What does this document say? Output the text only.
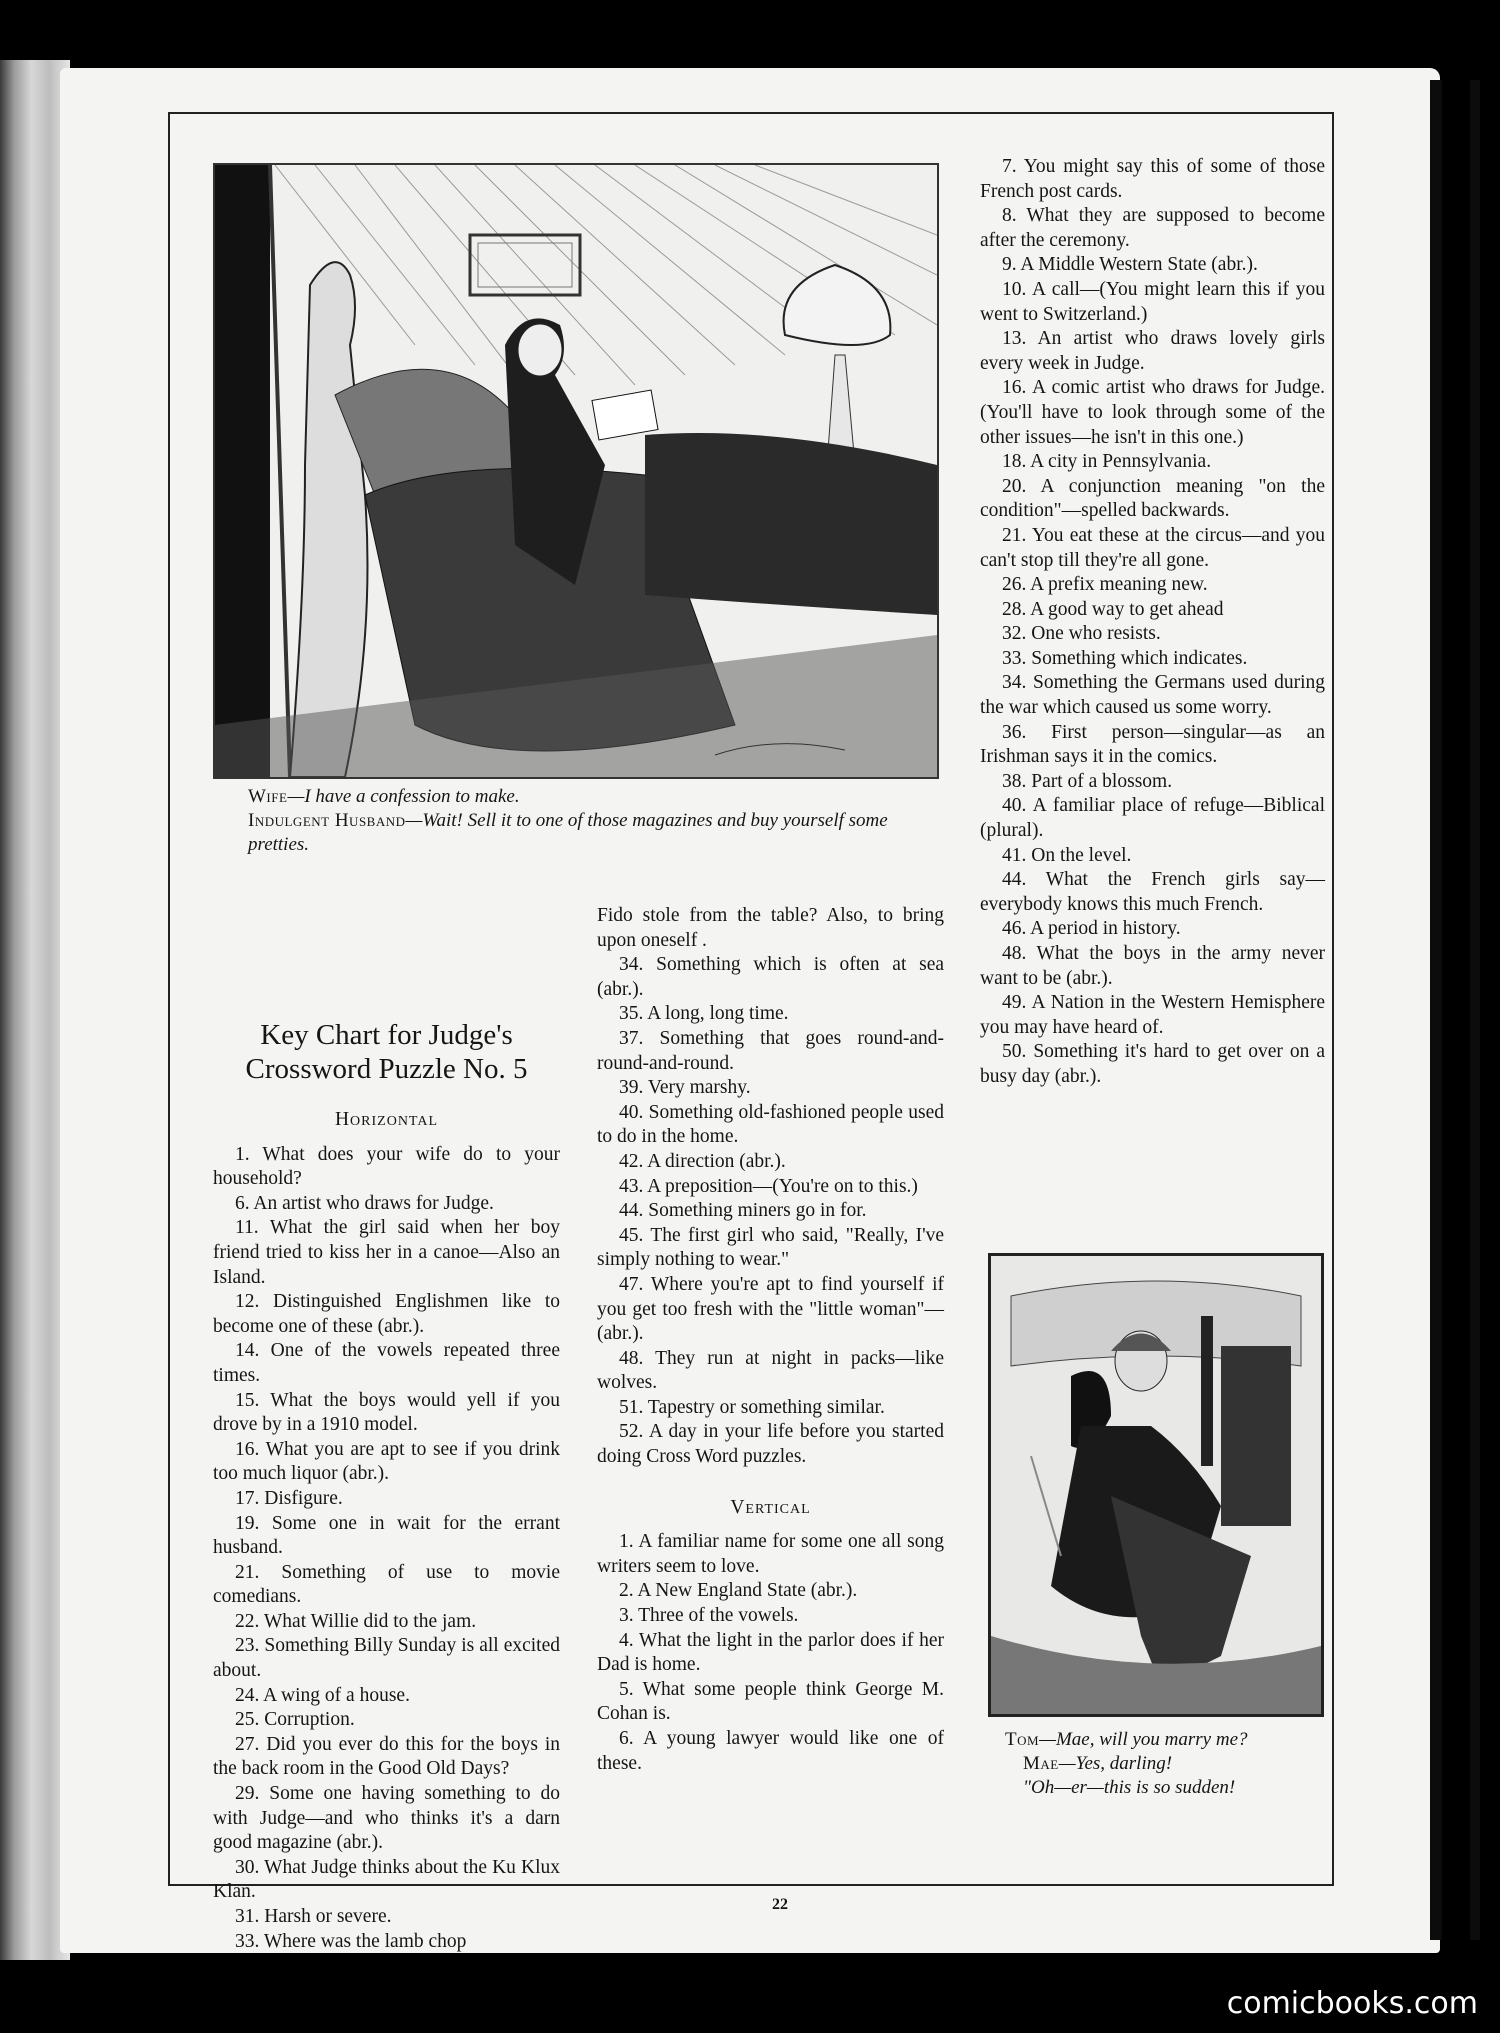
Wife—I have a confession to make.
Indulgent Husband—Wait! Sell it to one of those magazines and buy yourself some pretties.
Key Chart for Judge's
Crossword Puzzle No. 5

Horizontal

1. What does your wife do to your household?

6. An artist who draws for Judge.

11. What the girl said when her boy friend tried to kiss her in a canoe—Also an Island.

12. Distinguished Englishmen like to become one of these (abr.).

14. One of the vowels repeated three times.

15. What the boys would yell if you drove by in a 1910 model.

16. What you are apt to see if you drink too much liquor (abr.).

17. Disfigure.

19. Some one in wait for the errant husband.

21. Something of use to movie comedians.

22. What Willie did to the jam.

23. Something Billy Sunday is all excited about.

24. A wing of a house.

25. Corruption.

27. Did you ever do this for the boys in the back room in the Good Old Days?

29. Some one having something to do with Judge—and who thinks it's a darn good magazine (abr.).

30. What Judge thinks about the Ku Klux Klan.

31. Harsh or severe.

33. Where was the lamb chop

Fido stole from the table? Also, to bring upon oneself .

34. Something which is often at sea (abr.).

35. A long, long time.

37. Something that goes round-and-round-and-round.

39. Very marshy.

40. Something old-fashioned people used to do in the home.

42. A direction (abr.).

43. A preposition—(You're on to this.)

44. Something miners go in for.

45. The first girl who said, "Really, I've simply nothing to wear."

47. Where you're apt to find yourself if you get too fresh with the "little woman"—(abr.).

48. They run at night in packs—like wolves.

51. Tapestry or something similar.

52. A day in your life before you started doing Cross Word puzzles.

Vertical

1. A familiar name for some one all song writers seem to love.

2. A New England State (abr.).

3. Three of the vowels.

4. What the light in the parlor does if her Dad is home.

5. What some people think George M. Cohan is.

6. A young lawyer would like one of these.

7. You might say this of some of those French post cards.

8. What they are supposed to become after the ceremony.

9. A Middle Western State (abr.).

10. A call—(You might learn this if you went to Switzerland.)

13. An artist who draws lovely girls every week in Judge.

16. A comic artist who draws for Judge. (You'll have to look through some of the other issues—he isn't in this one.)

18. A city in Pennsylvania.

20. A conjunction meaning "on the condition"—spelled backwards.

21. You eat these at the circus—and you can't stop till they're all gone.

26. A prefix meaning new.

28. A good way to get ahead

32. One who resists.

33. Something which indicates.

34. Something the Germans used during the war which caused us some worry.

36. First person—singular—as an Irishman says it in the comics.

38. Part of a blossom.

40. A familiar place of refuge—Biblical (plural).

41. On the level.

44. What the French girls say—everybody knows this much French.

46. A period in history.

48. What the boys in the army never want to be (abr.).

49. A Nation in the Western Hemisphere you may have heard of.

50. Something it's hard to get over on a busy day (abr.).

Tom—Mae, will you marry me?
Mae—Yes, darling!
"Oh—er—this is so sudden!
22
comicbooks.com
